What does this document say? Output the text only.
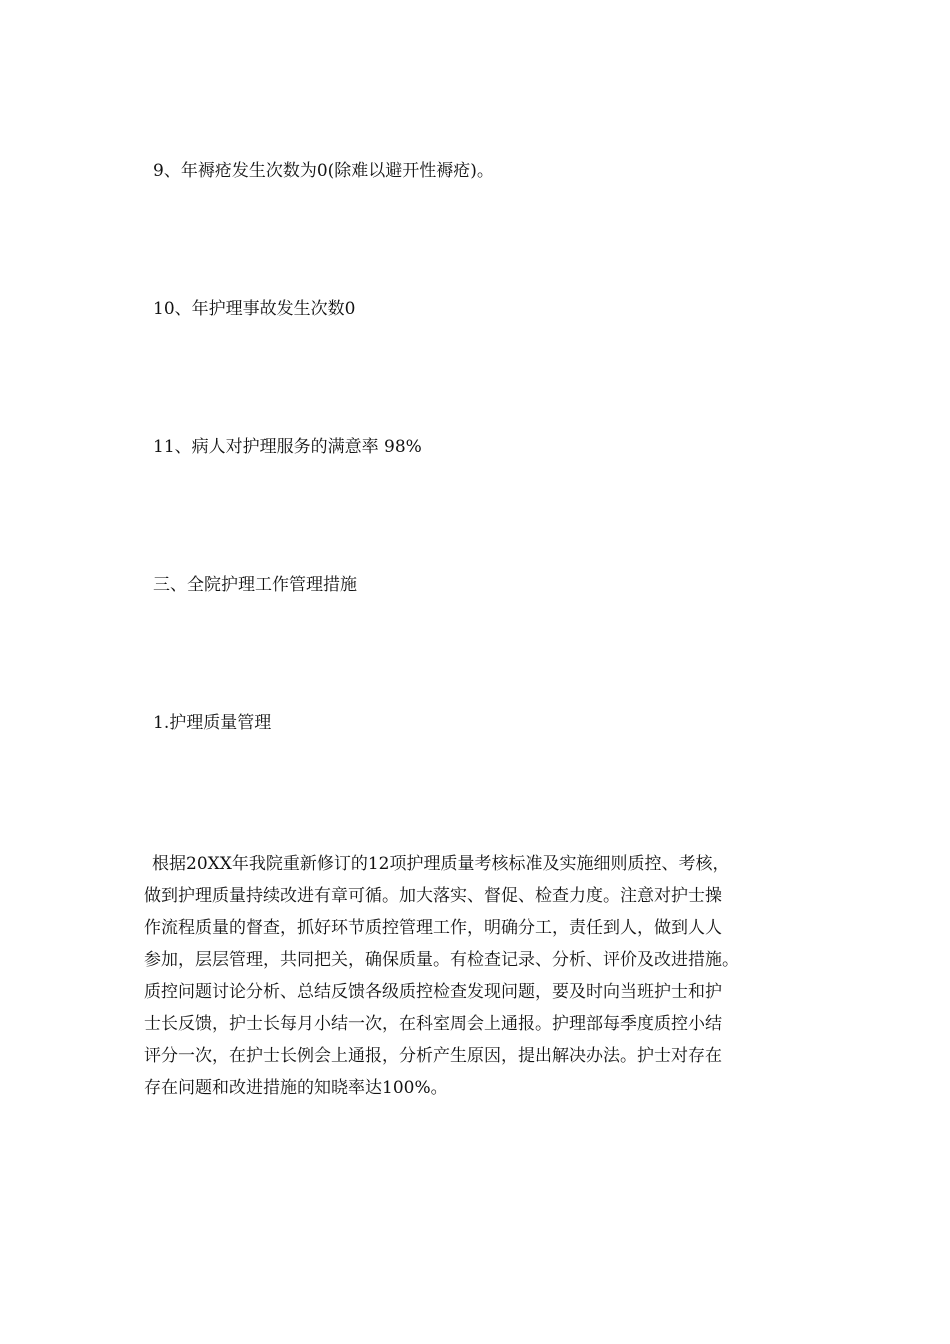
9、年褥疮发生次数为0(除难以避开性褥疮)。

10、年护理事故发生次数0

11、病人对护理服务的满意率 98%

三、全院护理工作管理措施

1.护理质量管理

根据20XX年我院重新修订的12项护理质量考核标准及实施细则质控、考核，
做到护理质量持续改进有章可循。加大落实、督促、检查力度。注意对护士操
作流程质量的督查，抓好环节质控管理工作，明确分工，责任到人，做到人人
参加，层层管理，共同把关，确保质量。有检查记录、分析、评价及改进措施。
质控问题讨论分析、总结反馈各级质控检查发现问题，要及时向当班护士和护
士长反馈，护士长每月小结一次，在科室周会上通报。护理部每季度质控小结
评分一次，在护士长例会上通报，分析产生原因，提出解决办法。护士对存在
存在问题和改进措施的知晓率达100%。
